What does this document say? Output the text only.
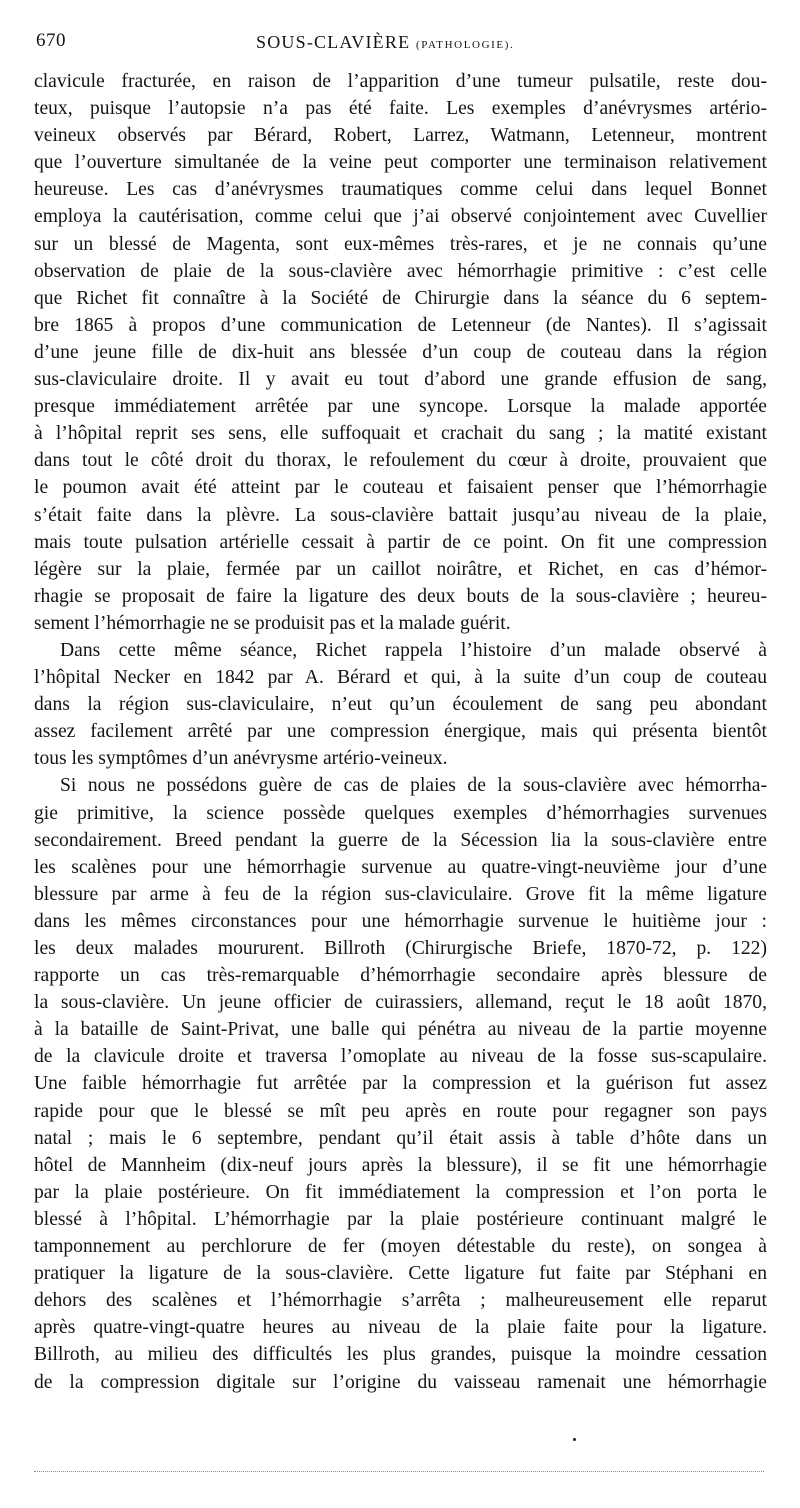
670	SOUS-CLAVIÈRE (PATHOLOGIE).
clavicule fracturée, en raison de l’apparition d’une tumeur pulsatile, reste dou-
teux, puisque l’autopsie n’a pas été faite. Les exemples d’anévrysmes artério-
veineux observés par Bérard, Robert, Larrez, Watmann, Letenneur, montrent
que l’ouverture simultanée de la veine peut comporter une terminaison relativement
heureuse. Les cas d’anévrysmes traumatiques comme celui dans lequel Bonnet
employa la cautérisation, comme celui que j’ai observé conjointement avec Cuvellier
sur un blessé de Magenta, sont eux-mêmes très-rares, et je ne connais qu’une
observation de plaie de la sous-clavière avec hémorrhagie primitive : c’est celle
que Richet fit connaître à la Société de Chirurgie dans la séance du 6 septem-
bre 1865 à propos d’une communication de Letenneur (de Nantes). Il s’agissait
d’une jeune fille de dix-huit ans blessée d’un coup de couteau dans la région
sus-claviculaire droite. Il y avait eu tout d’abord une grande effusion de sang,
presque immédiatement arrêtée par une syncope. Lorsque la malade apportée
à l’hôpital reprit ses sens, elle suffoquait et crachait du sang ; la matité existant
dans tout le côté droit du thorax, le refoulement du cœur à droite, prouvaient que
le poumon avait été atteint par le couteau et faisaient penser que l’hémorrhagie
s’était faite dans la plèvre. La sous-clavière battait jusqu’au niveau de la plaie,
mais toute pulsation artérielle cessait à partir de ce point. On fit une compression
légère sur la plaie, fermée par un caillot noirâtre, et Richet, en cas d’hémor-
rhagie se proposait de faire la ligature des deux bouts de la sous-clavière ; heureu-
sement l’hémorrhagie ne se produisit pas et la malade guérit.
Dans cette même séance, Richet rappela l’histoire d’un malade observé à
l’hôpital Necker en 1842 par A. Bérard et qui, à la suite d’un coup de couteau
dans la région sus-claviculaire, n’eut qu’un écoulement de sang peu abondant
assez facilement arrêté par une compression énergique, mais qui présenta bientôt
tous les symptômes d’un anévrysme artério-veineux.
Si nous ne possédons guère de cas de plaies de la sous-clavière avec hémorrha-
gie primitive, la science possède quelques exemples d’hémorrhagies survenues
secondairement. Breed pendant la guerre de la Sécession lia la sous-clavière entre
les scalènes pour une hémorrhagie survenue au quatre-vingt-neuvième jour d’une
blessure par arme à feu de la région sus-claviculaire. Grove fit la même ligature
dans les mêmes circonstances pour une hémorrhagie survenue le huitième jour :
les deux malades moururent. Billroth (Chirurgische Briefe, 1870-72, p. 122)
rapporte un cas très-remarquable d’hémorrhagie secondaire après blessure de
la sous-clavière. Un jeune officier de cuirassiers, allemand, reçut le 18 août 1870,
à la bataille de Saint-Privat, une balle qui pénétra au niveau de la partie moyenne
de la clavicule droite et traversa l’omoplate au niveau de la fosse sus-scapulaire.
Une faible hémorrhagie fut arrêtée par la compression et la guérison fut assez
rapide pour que le blessé se mît peu après en route pour regagner son pays
natal ; mais le 6 septembre, pendant qu’il était assis à table d’hôte dans un
hôtel de Mannheim (dix-neuf jours après la blessure), il se fit une hémorrhagie
par la plaie postérieure. On fit immédiatement la compression et l’on porta le
blessé à l’hôpital. L’hémorrhagie par la plaie postérieure continuant malgré le
tamponnement au perchlorure de fer (moyen détestable du reste), on songea à
pratiquer la ligature de la sous-clavière. Cette ligature fut faite par Stéphani en
dehors des scalènes et l’hémorrhagie s’arrêta ; malheureusement elle reparut
après quatre-vingt-quatre heures au niveau de la plaie faite pour la ligature.
Billroth, au milieu des difficultés les plus grandes, puisque la moindre cessation
de la compression digitale sur l’origine du vaisseau ramenait une hémorrhagie
